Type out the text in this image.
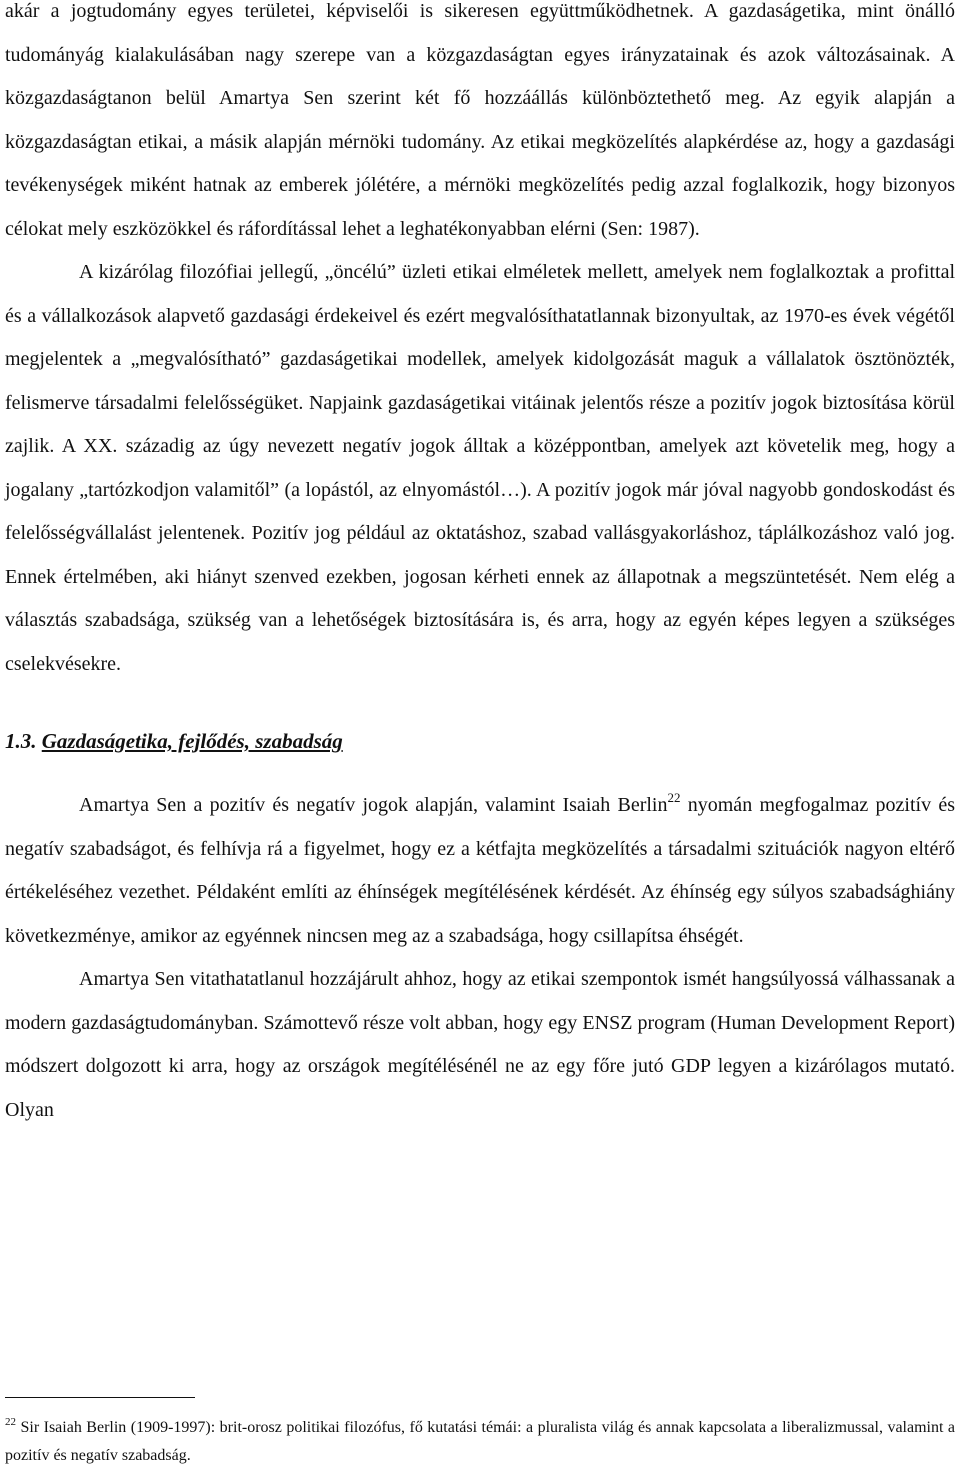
akár a jogtudomány egyes területei, képviselői is sikeresen együttműködhetnek. A gazdaságetika, mint önálló tudományág kialakulásában nagy szerepe van a közgazdaságtan egyes irányzatainak és azok változásainak. A közgazdaságtanon belül Amartya Sen szerint két fő hozzáállás különböztethető meg. Az egyik alapján a közgazdaságtan etikai, a másik alapján mérnöki tudomány. Az etikai megközelítés alapkérdése az, hogy a gazdasági tevékenységek miként hatnak az emberek jólétére, a mérnöki megközelítés pedig azzal foglalkozik, hogy bizonyos célokat mely eszközökkel és ráfordítással lehet a leghatékonyabban elérni (Sen: 1987).

A kizárólag filozófiai jellegű, „öncélú” üzleti etikai elméletek mellett, amelyek nem foglalkoztak a profittal és a vállalkozások alapvető gazdasági érdekeivel és ezért megvalósíthatatlannak bizonyultak, az 1970-es évek végétől megjelentek a „megvalósítható” gazdaságetikai modellek, amelyek kidolgozását maguk a vállalatok ösztönözték, felismerve társadalmi felelősségüket. Napjaink gazdaságetikai vitáinak jelentős része a pozitív jogok biztosítása körül zajlik. A XX. századig az úgy nevezett negatív jogok álltak a középpontban, amelyek azt követelik meg, hogy a jogalany „tartózkodjon valamitől” (a lopástól, az elnyomástól…). A pozitív jogok már jóval nagyobb gondoskodást és felelősségvállalást jelentenek. Pozitív jog például az oktatáshoz, szabad vallásgyakorláshoz, táplálkozáshoz való jog. Ennek értelmében, aki hiányt szenved ezekben, jogosan kérheti ennek az állapotnak a megszüntetését. Nem elég a választás szabadsága, szükség van a lehetőségek biztosítására is, és arra, hogy az egyén képes legyen a szükséges cselekvésekre.

1.3. Gazdaságetika, fejlődés, szabadság

Amartya Sen a pozitív és negatív jogok alapján, valamint Isaiah Berlin$^{22}$ nyomán megfogalmaz pozitív és negatív szabadságot, és felhívja rá a figyelmet, hogy ez a kétfajta megközelítés a társadalmi szituációk nagyon eltérő értékeléséhez vezethet. Példaként említi az éhínségek megítélésének kérdését. Az éhínség egy súlyos szabadsághiány következménye, amikor az egyénnek nincsen meg az a szabadsága, hogy csillapítsa éhségét.

Amartya Sen vitathatatlanul hozzájárult ahhoz, hogy az etikai szempontok ismét hangsúlyossá válhassanak a modern gazdaságtudományban. Számottevő része volt abban, hogy egy ENSZ program (Human Development Report) módszert dolgozott ki arra, hogy az országok megítélésénél ne az egy főre jutó GDP legyen a kizárólagos mutató. Olyan

$^{22}$ Sir Isaiah Berlin (1909-1997): brit-orosz politikai filozófus, fő kutatási témái: a pluralista világ és annak kapcsolata a liberalizmussal, valamint a pozitív és negatív szabadság.
